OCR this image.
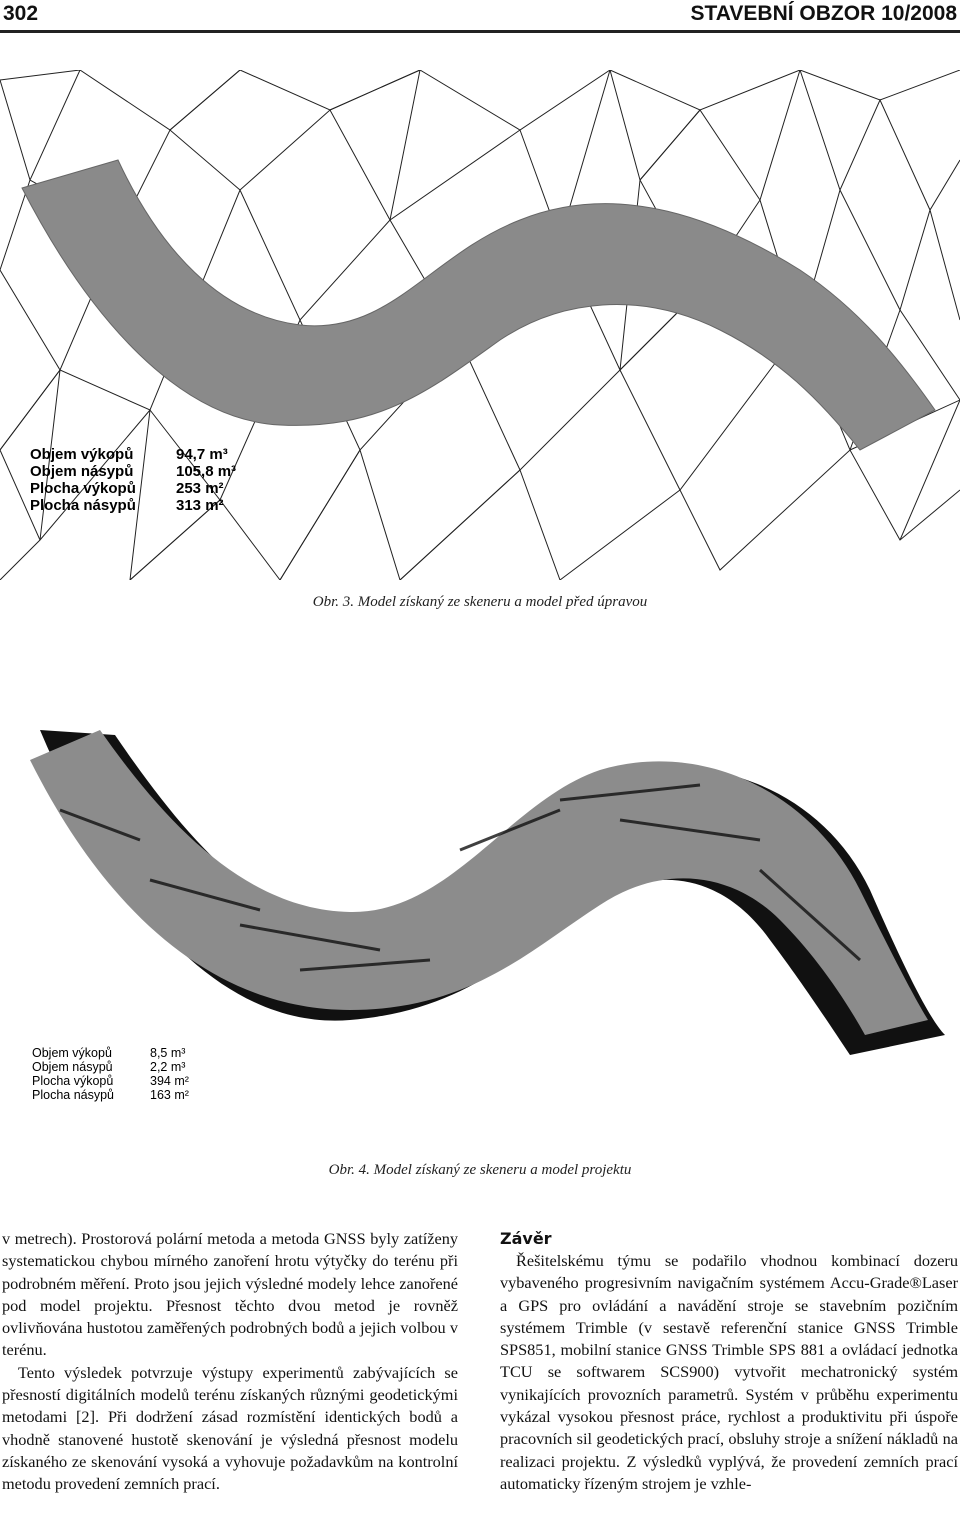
302	STAVEBNÍ OBZOR 10/2008
Objem výkopů	94,7 m³
Objem násypů	105,8 m³
Plocha výkopů	253 m²
Plocha násypů	313 m²
Obr. 3. Model získaný ze skeneru a model před úpravou
Objem výkopů	8,5 m³
Objem násypů	2,2 m³
Plocha výkopů	394 m²
Plocha násypů	163 m²
Obr. 4. Model získaný ze skeneru a model projektu

v metrech). Prostorová polární metoda a metoda GNSS byly zatíženy systematickou chybou mírného zanoření hrotu výtyčky do terénu při podrobném měření. Proto jsou jejich výsledné modely lehce zanořené pod model projektu. Přesnost těchto dvou metod je rovněž ovlivňována hustotou zaměřených podrobných bodů a jejich volbou v terénu.

Tento výsledek potvrzuje výstupy experimentů zabývajících se přesností digitálních modelů terénu získaných různými geodetickými metodami [2]. Při dodržení zásad rozmístění identických bodů a vhodně stanovené hustotě skenování je výsledná přesnost modelu získaného ze skenování vysoká a vyhovuje požadavkům na kontrolní metodu provedení zemních prací.

Závěr

Řešitelskému týmu se podařilo vhodnou kombinací dozeru vybaveného progresivním navigačním systémem Accu-Grade®Laser a GPS pro ovládání a navádění stroje se stavebním pozičním systémem Trimble (v sestavě referenční stanice GNSS Trimble SPS851, mobilní stanice GNSS Trimble SPS 881 a ovládací jednotka TCU se softwarem SCS900) vytvořit mechatronický systém vynikajících provozních parametrů. Systém v průběhu experimentu vykázal vysokou přesnost práce, rychlost a produktivitu při úspoře pracovních sil geodetických prací, obsluhy stroje a snížení nákladů na realizaci projektu. Z výsledků vyplývá, že provedení zemních prací automaticky řízeným strojem je vzhle-
